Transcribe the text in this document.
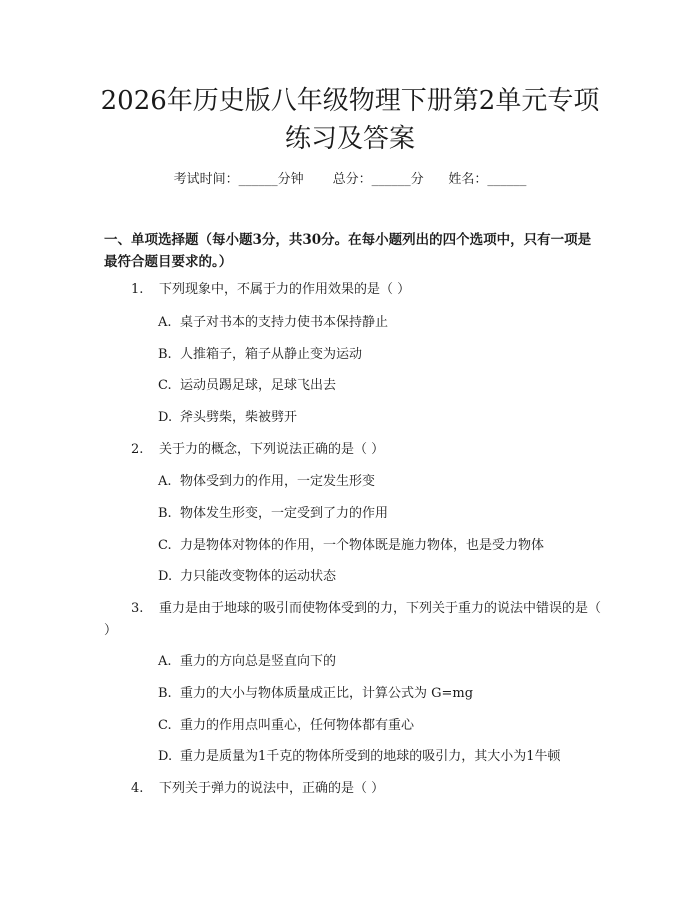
2026年历史版八年级物理下册第2单元专项
练习及答案
考试时间：______分钟 总分：______分 姓名：______

一、单项选择题（每小题3分，共30分。在每小题列出的四个选项中，只有一项是最符合题目要求的。）

1. 下列现象中，不属于力的作用效果的是（ ）

A. 桌子对书本的支持力使书本保持静止

B. 人推箱子，箱子从静止变为运动

C. 运动员踢足球，足球飞出去

D. 斧头劈柴，柴被劈开

2. 关于力的概念，下列说法正确的是（ ）

A. 物体受到力的作用，一定发生形变

B. 物体发生形变，一定受到了力的作用

C. 力是物体对物体的作用，一个物体既是施力物体，也是受力物体

D. 力只能改变物体的运动状态

3. 重力是由于地球的吸引而使物体受到的力，下列关于重力的说法中错误的是（ ）

A. 重力的方向总是竖直向下的

B. 重力的大小与物体质量成正比，计算公式为 G=mg

C. 重力的作用点叫重心，任何物体都有重心

D. 重力是质量为1千克的物体所受到的地球的吸引力，其大小为1牛顿

4. 下列关于弹力的说法中，正确的是（ ）
